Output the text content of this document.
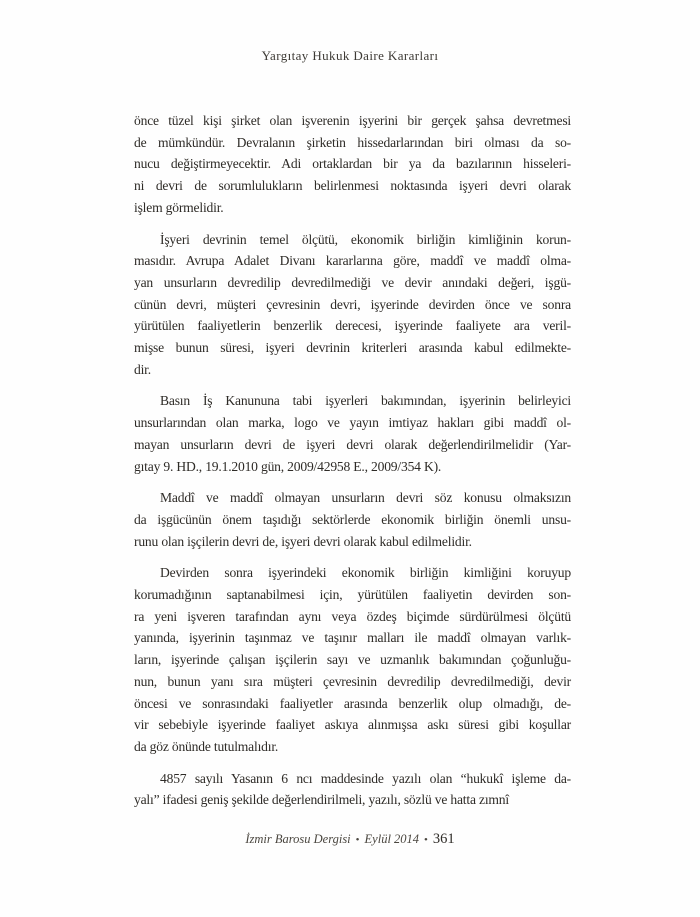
Yargıtay Hukuk Daire Kararları
önce tüzel kişi şirket olan işverenin işyerini bir gerçek şahsa devretmesi
de mümkündür. Devralanın şirketin hissedarlarından biri olması da so-
nucu değiştirmeyecektir. Adi ortaklardan bir ya da bazılarının hisseleri-
ni devri de sorumlulukların belirlenmesi noktasında işyeri devri olarak
işlem görmelidir.
İşyeri devrinin temel ölçütü, ekonomik birliğin kimliğinin korun-
masıdır. Avrupa Adalet Divanı kararlarına göre, maddî ve maddî olma-
yan unsurların devredilip devredilmediği ve devir anındaki değeri, işgü-
cünün devri, müşteri çevresinin devri, işyerinde devirden önce ve sonra
yürütülen faaliyetlerin benzerlik derecesi, işyerinde faaliyete ara veril-
mişse bunun süresi, işyeri devrinin kriterleri arasında kabul edilmekte-
dir.
Basın İş Kanununa tabi işyerleri bakımından, işyerinin belirleyici
unsurlarından olan marka, logo ve yayın imtiyaz hakları gibi maddî ol-
mayan unsurların devri de işyeri devri olarak değerlendirilmelidir (Yar-
gıtay 9. HD., 19.1.2010 gün, 2009/42958 E., 2009/354 K).
Maddî ve maddî olmayan unsurların devri söz konusu olmaksızın
da işgücünün önem taşıdığı sektörlerde ekonomik birliğin önemli unsu-
runu olan işçilerin devri de, işyeri devri olarak kabul edilmelidir.
Devirden sonra işyerindeki ekonomik birliğin kimliğini koruyup
korumadığının saptanabilmesi için, yürütülen faaliyetin devirden son-
ra yeni işveren tarafından aynı veya özdeş biçimde sürdürülmesi ölçütü
yanında, işyerinin taşınmaz ve taşınır malları ile maddî olmayan varlık-
ların, işyerinde çalışan işçilerin sayı ve uzmanlık bakımından çoğunluğu-
nun, bunun yanı sıra müşteri çevresinin devredilip devredilmediği, devir
öncesi ve sonrasındaki faaliyetler arasında benzerlik olup olmadığı, de-
vir sebebiyle işyerinde faaliyet askıya alınmışsa askı süresi gibi koşullar
da göz önünde tutulmalıdır.
4857 sayılı Yasanın 6 ncı maddesinde yazılı olan “hukukî işleme da-
yalı” ifadesi geniş şekilde değerlendirilmeli, yazılı, sözlü ve hatta zımnî
İzmir Barosu Dergisi • Eylül 2014 • 361
